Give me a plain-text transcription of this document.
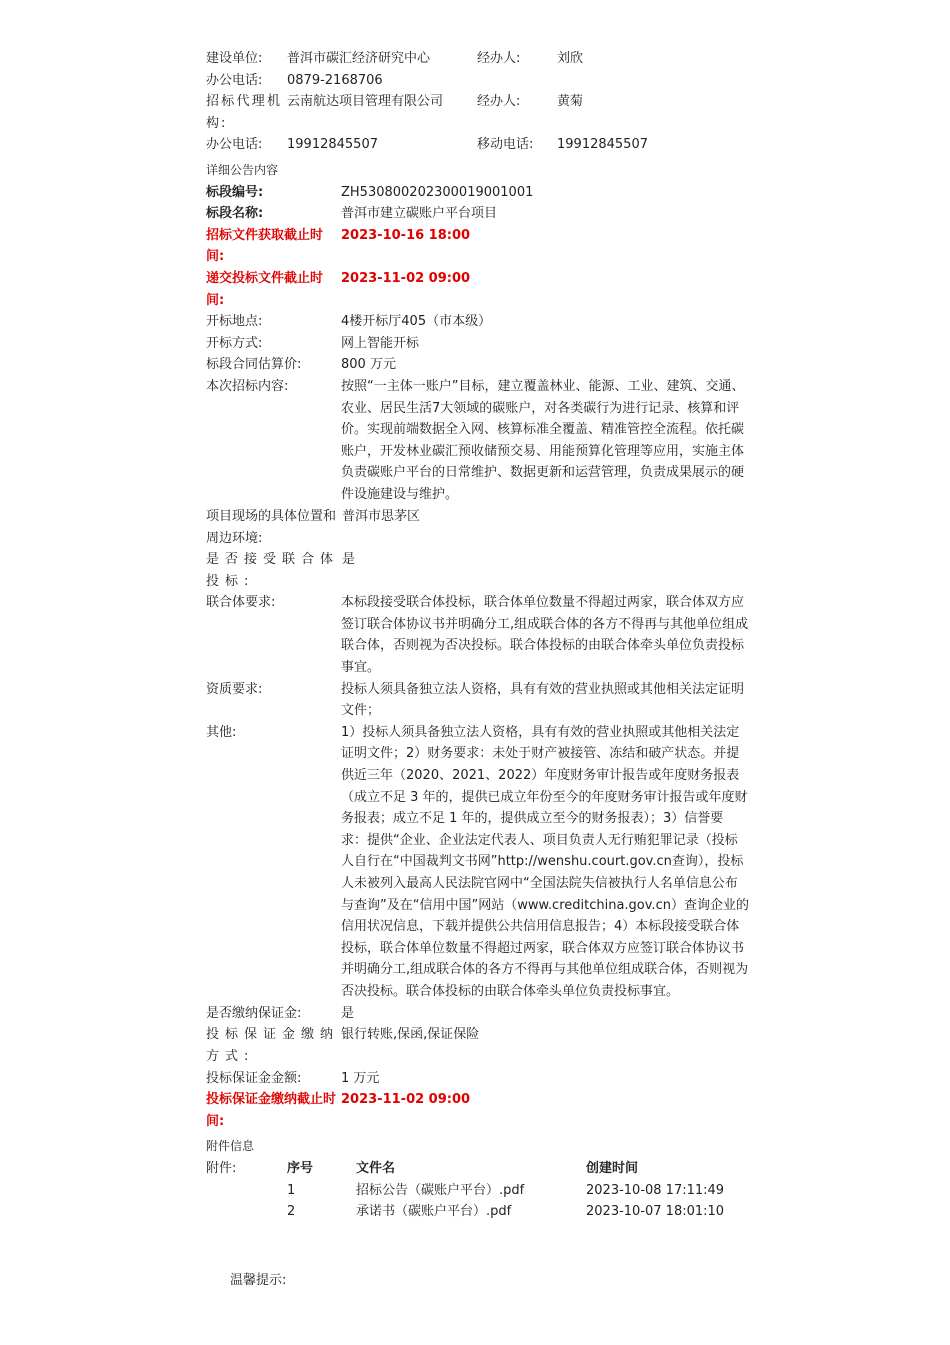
建设单位: 普洱市碳汇经济研究中心	经办人:	刘欣
办公电话: 0879-2168706
招标代理机构:
云南航达项目管理有限公司	经办人:	黄菊
办公电话: 19912845507	移动电话: 19912845507
详细公告内容
标段编号:	ZH5308002023000190010​01
标段名称:	普洱市建立碳账户平台项目
招标文件获取截止时间:
2023-10-16 18:00
递交投标文件截止时间:
2023-11-02 09:00
开标地点:	4楼开标厅405（市本级）
开标方式:	网上智能开标
标段合同估算价:	800 万元
本次招标内容:	按照“一主体一账户”目标，建立覆盖林业、能源、工业、建筑、交通、农业、居民生活7大领域的碳账户，对各类碳行为进行记录、核算和评价。实现前端数据全入网、核算标准全覆盖、精准管控全流程。依托碳账户，开发林业碳汇预收储预交易、用能预算化管理等应用，实施主体负责碳账户平台的日常维护、数据更新和运营管理，负责成果展示的硬件设施建设与维护。
项目现场的具体位置和周边环境:
普洱市思茅区
是否接受联合体投标:
是
联合体要求:	本标段接受联合体投标，联合体单位数量不得超过两家，联合体双方应签订联合体协议书并明确分工,组成联合体的各方不得再与其他单位组成联合体，否则视为否决投标。联合体投标的由联合体牵头单位负责投标事宜。
资质要求:	投标人须具备独立法人资格，具有有效的营业执照或其他相关法定证明文件；
其他:	1）投标人须具备独立法人资格，具有有效的营业执照或其他相关法定证明文件；2）财务要求：未处于财产被接管、冻结和破产状态。并提供近三年（2020、2021、2022）年度财务审计报告或年度财务报表（成立不足 3 年的，提供已成立年份至今的年度财务审计报告或年度财务报表；成立不足 1 年的，提供成立至今的财务报表）；3）信誉要求：提供“企业、企业法定代表人、项目负责人无行贿犯罪记录（投标人自行在“中国裁判文书网”http://wenshu.court.gov.cn查询），投标人未被列入最高人民法院官网中“全国法院失信被执行人名单信息公布与查询”及在“信用中国”网站（www.creditchina.gov.cn）查询企业的信用状况信息，下载并提供公共信用信息报告；4）本标段接受联合体投标，联合体单位数量不得超过两家，联合体双方应签订联合体协议书并明确分工,组成联合体的各方不得再与其他单位组成联合体，否则视为否决投标。联合体投标的由联合体牵头单位负责投标事宜。
是否缴纳保证金:	是
投标保证金缴纳方式:
银行转账,保函,保证保险
投标保证金金额:	1 万元
投标保证金缴纳截止时间:
2023-11-02 09:00
附件信息
附件:	序号	文件名	创建时间
1	招标公告（碳账户平台）.pdf	2023-10-08 17:11:49
2	承诺书（碳账户平台）.pdf	2023-10-07 18:01:10
温馨提示:
